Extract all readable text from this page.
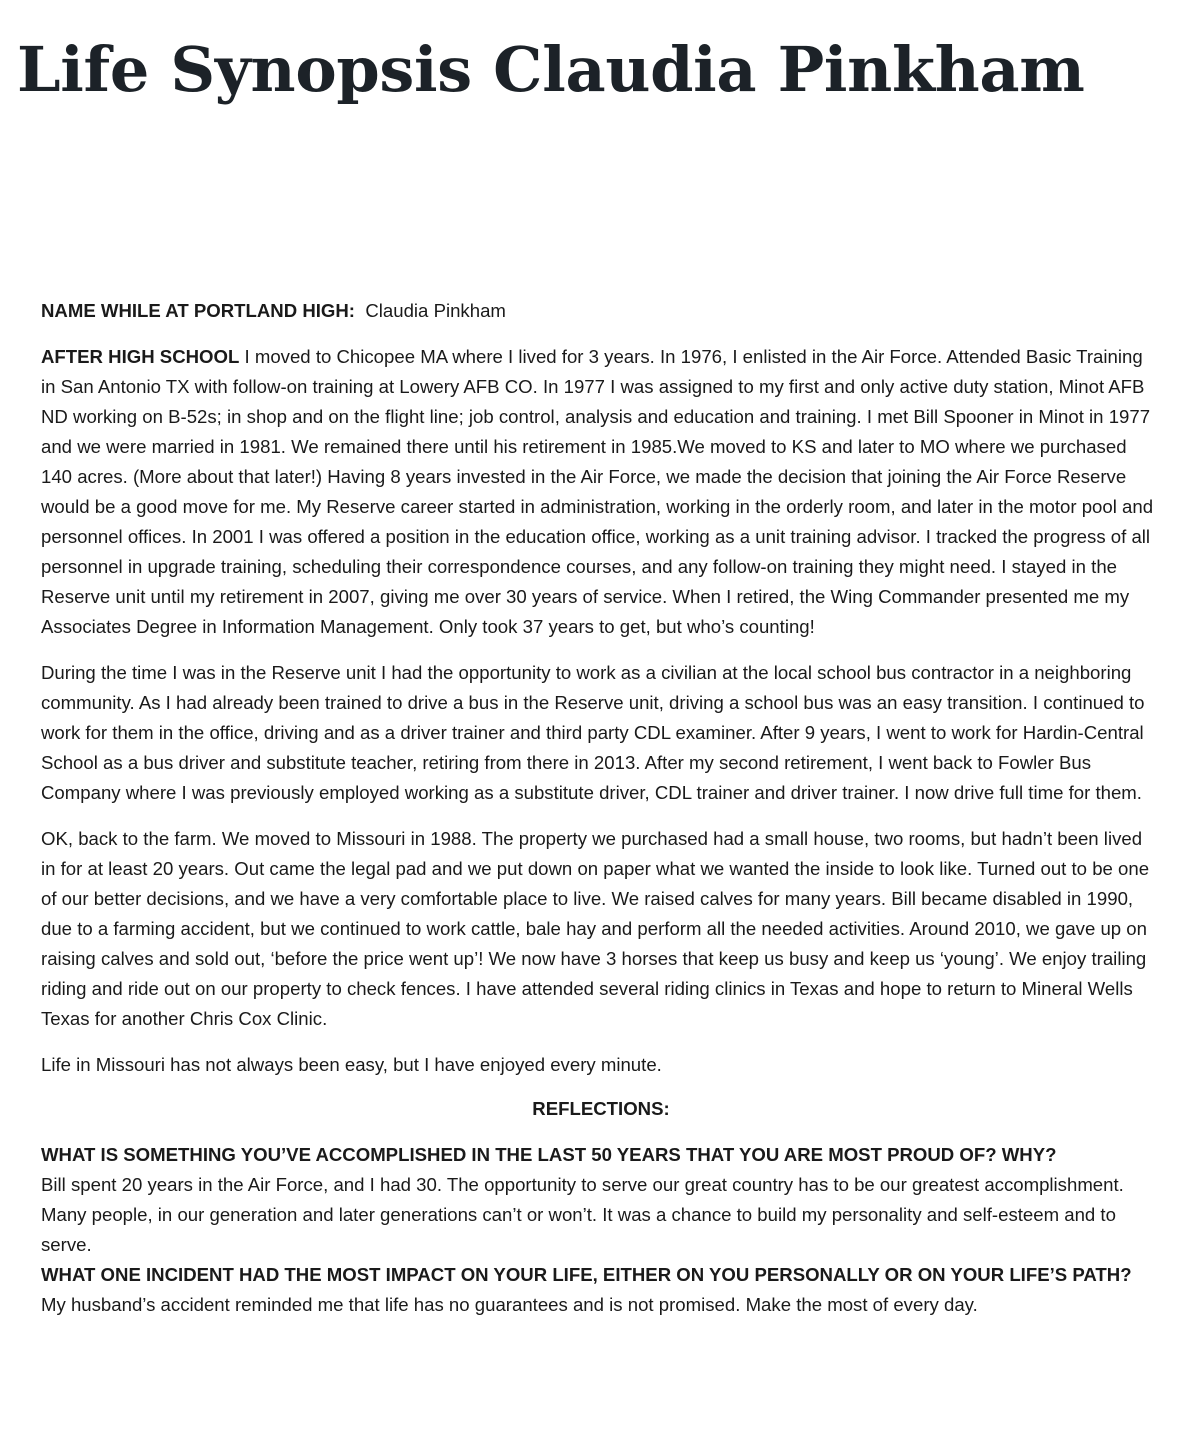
Life Synopsis Claudia Pinkham

NAME WHILE AT PORTLAND HIGH: Claudia Pinkham

AFTER HIGH SCHOOL I moved to Chicopee MA where I lived for 3 years. In 1976, I enlisted in the Air Force. Attended Basic Training in San Antonio TX with follow-on training at Lowery AFB CO. In 1977 I was assigned to my first and only active duty station, Minot AFB ND working on B-52s; in shop and on the flight line; job control, analysis and education and training. I met Bill Spooner in Minot in 1977 and we were married in 1981. We remained there until his retirement in 1985.We moved to KS and later to MO where we purchased 140 acres. (More about that later!) Having 8 years invested in the Air Force, we made the decision that joining the Air Force Reserve would be a good move for me. My Reserve career started in administration, working in the orderly room, and later in the motor pool and personnel offices. In 2001 I was offered a position in the education office, working as a unit training advisor. I tracked the progress of all personnel in upgrade training, scheduling their correspondence courses, and any follow-on training they might need. I stayed in the Reserve unit until my retirement in 2007, giving me over 30 years of service. When I retired, the Wing Commander presented me my Associates Degree in Information Management. Only took 37 years to get, but who’s counting!

During the time I was in the Reserve unit I had the opportunity to work as a civilian at the local school bus contractor in a neighboring community. As I had already been trained to drive a bus in the Reserve unit, driving a school bus was an easy transition. I continued to work for them in the office, driving and as a driver trainer and third party CDL examiner. After 9 years, I went to work for Hardin-Central School as a bus driver and substitute teacher, retiring from there in 2013. After my second retirement, I went back to Fowler Bus Company where I was previously employed working as a substitute driver, CDL trainer and driver trainer. I now drive full time for them.

OK, back to the farm. We moved to Missouri in 1988. The property we purchased had a small house, two rooms, but hadn’t been lived in for at least 20 years. Out came the legal pad and we put down on paper what we wanted the inside to look like. Turned out to be one of our better decisions, and we have a very comfortable place to live. We raised calves for many years. Bill became disabled in 1990, due to a farming accident, but we continued to work cattle, bale hay and perform all the needed activities. Around 2010, we gave up on raising calves and sold out, ‘before the price went up’! We now have 3 horses that keep us busy and keep us ‘young’. We enjoy trailing riding and ride out on our property to check fences. I have attended several riding clinics in Texas and hope to return to Mineral Wells Texas for another Chris Cox Clinic.

Life in Missouri has not always been easy, but I have enjoyed every minute.

REFLECTIONS:

WHAT IS SOMETHING YOU’VE ACCOMPLISHED IN THE LAST 50 YEARS THAT YOU ARE MOST PROUD OF? WHY?

Bill spent 20 years in the Air Force, and I had 30. The opportunity to serve our great country has to be our greatest accomplishment. Many people, in our generation and later generations can’t or won’t. It was a chance to build my personality and self-esteem and to serve.

WHAT ONE INCIDENT HAD THE MOST IMPACT ON YOUR LIFE, EITHER ON YOU PERSONALLY OR ON YOUR LIFE’S PATH?

My husband’s accident reminded me that life has no guarantees and is not promised. Make the most of every day.
